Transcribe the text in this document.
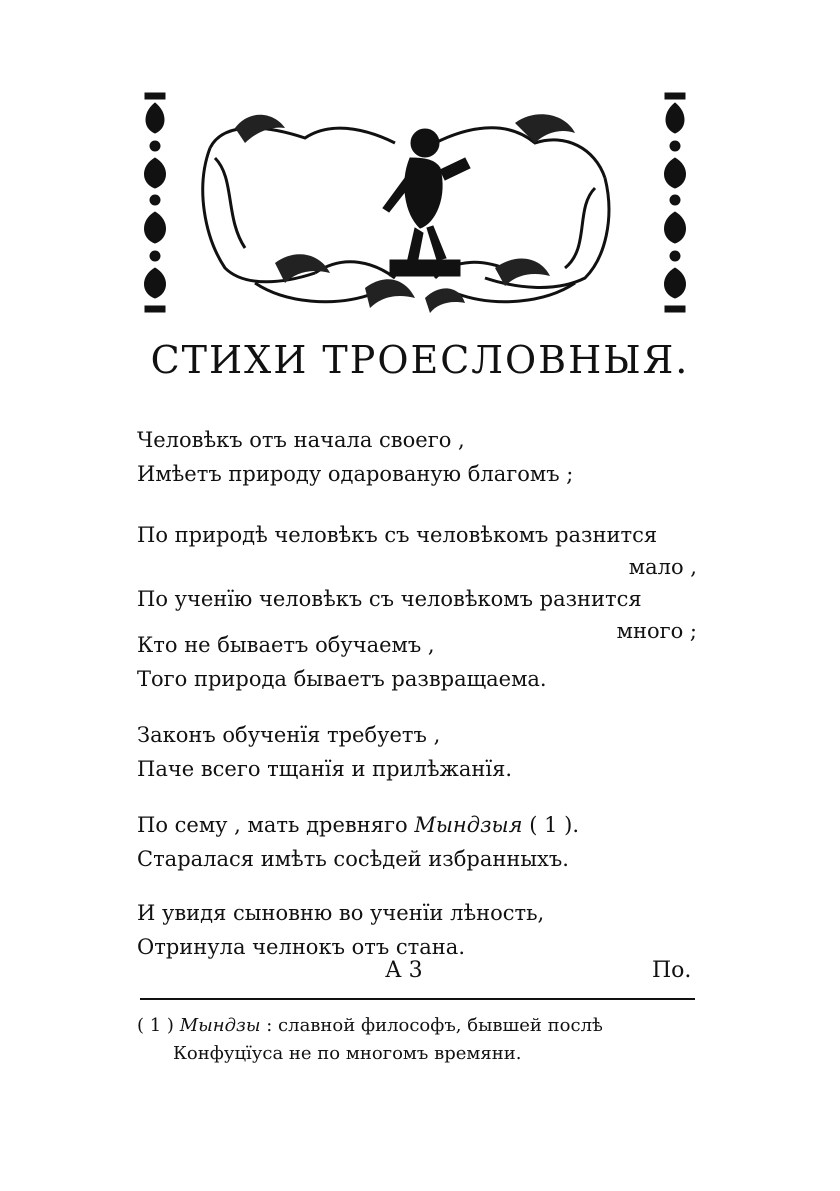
СТИХИ ТРОЕСЛОВНЫЯ.
Человѣкъ отъ начала своего ,
Имѣетъ природу одарованую благомъ ;
По природѣ человѣкъ съ человѣкомъ разнится
мало ,
По ученїю человѣкъ съ человѣкомъ разнится
много ;
Кто не бываетъ обучаемъ ,
Того природа бываетъ развращаема.
Законъ обученїя требуетъ ,
Паче всего тщанїя и прилѣжанїя.
По сему , мать древняго Мындзыя ( 1 ).
Старалася имѣть сосѣдей избранныхъ.
И увидя сыновню во ученїи лѣность,
Отринула челнокъ отъ стана.
А 3	По.
( 1 ) Мындзы : славной философъ, бывшей послѣ
Конфуцїуса не по многомъ времяни.
